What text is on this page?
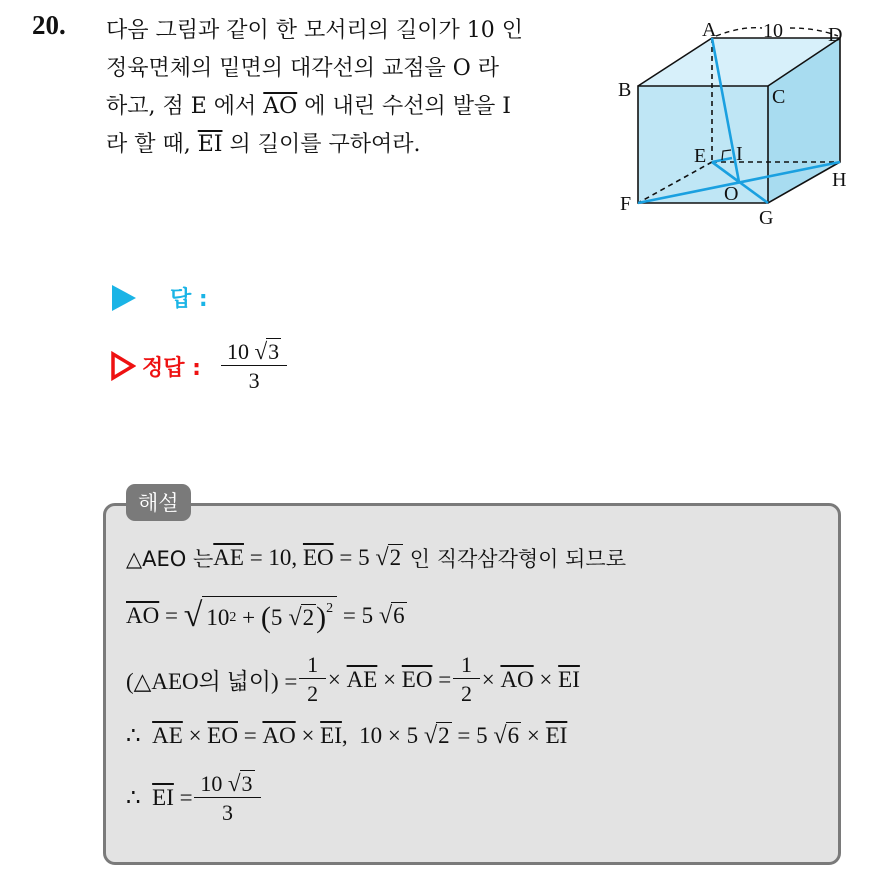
20. 다음 그림과 같이 한 모서리의 길이가 10 인
정육면체의 밑면의 대각선의 교점을 O 라
하고, 점 E 에서 $\overline{AO}$ 에 내린 수선의 발을 I
라 할 때, $\overline{EI}$ 의 길이를 구하여라.
A 10 D
B	C
E I
O
H
F
G
답 :
정답 : $\frac{10 √ 3}{3}$
해설
△AEO 는 $\overline{AE} = 10$, $\overline{EO} = 5$ √ 2 인 직각삼각형이 되므로
$\overline{AO}$ = √ 10 2 + ( 5 √ 2 )$^2$ = 5 √ 6
(△AEO의 넓이) = $\frac{1}{2} \times \overline{AE} \times \overline{EO} = \frac{1}{2} \times \overline{AO} \times \overline{EI}$
∴
$\overline{AE} \times \overline{EO} = \overline{AO} \times \overline{EI}$ , 10 × 5 √ 2 = 5 √ $6 \times \overline{EI}$
∴
$\overline{EI} = \frac{10 √ 3}{3}$
